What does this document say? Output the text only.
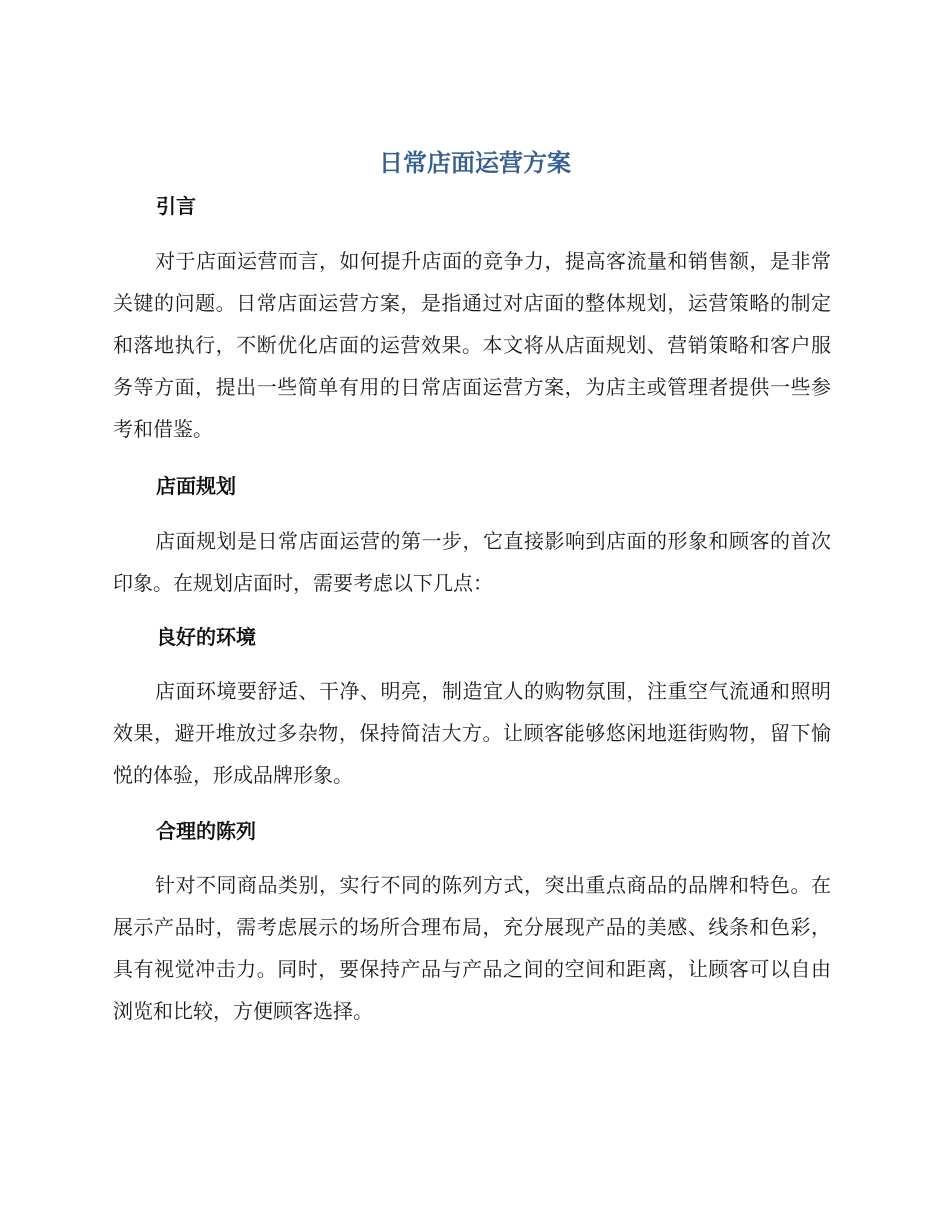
日常店面运营方案
引言

对于店面运营而言，如何提升店面的竞争力，提高客流量和销售额，是非常关键的问题。日常店面运营方案，是指通过对店面的整体规划，运营策略的制定和落地执行，不断优化店面的运营效果。本文将从店面规划、营销策略和客户服务等方面，提出一些简单有用的日常店面运营方案，为店主或管理者提供一些参考和借鉴。

店面规划

店面规划是日常店面运营的第一步，它直接影响到店面的形象和顾客的首次印象。在规划店面时，需要考虑以下几点：

良好的环境

店面环境要舒适、干净、明亮，制造宜人的购物氛围，注重空气流通和照明效果，避开堆放过多杂物，保持简洁大方。让顾客能够悠闲地逛街购物，留下愉悦的体验，形成品牌形象。

合理的陈列

针对不同商品类别，实行不同的陈列方式，突出重点商品的品牌和特色。在展示产品时，需考虑展示的场所合理布局，充分展现产品的美感、线条和色彩，具有视觉冲击力。同时，要保持产品与产品之间的空间和距离，让顾客可以自由浏览和比较，方便顾客选择。
